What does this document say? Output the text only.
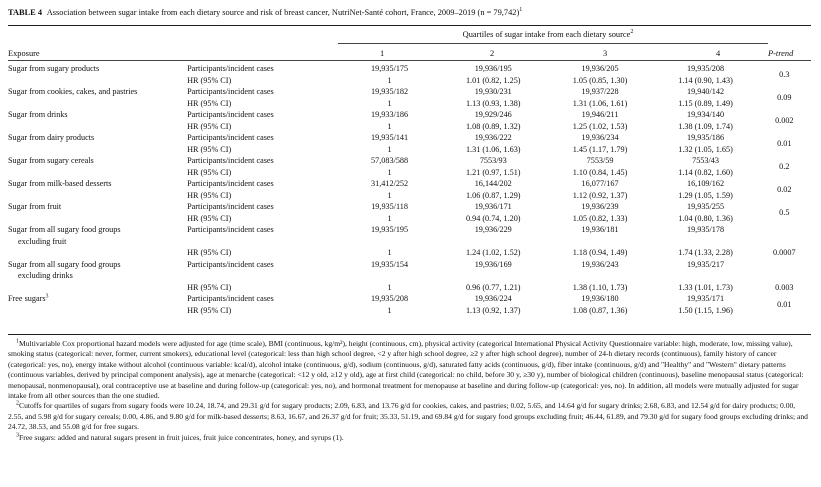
TABLE 4 Association between sugar intake from each dietary source and risk of breast cancer, NutriNet-Santé cohort, France, 2009–2019 (n = 79,742)$^1$
Quartiles of sugar intake from each dietary source$^2$
Exposure	1	2	3	4	P-trend
Sugar from sugary products	Participants/incident cases	19,935/175	19,936/195	19,936/205	19,935/208	0.3
	HR (95% CI)	1	1.01 (0.82, 1.25)	1.05 (0.85, 1.30)	1.14 (0.90, 1.43)	
Sugar from cookies, cakes, and pastries	Participants/incident cases	19,935/182	19,930/231	19,937/228	19,940/142	0.09
	HR (95% CI)	1	1.13 (0.93, 1.38)	1.31 (1.06, 1.61)	1.15 (0.89, 1.49)	
Sugar from drinks	Participants/incident cases	19,933/186	19,929/246	19,946/211	19,934/140	0.002
	HR (95% CI)	1	1.08 (0.89, 1.32)	1.25 (1.02, 1.53)	1.38 (1.09, 1.74)	
Sugar from dairy products	Participants/incident cases	19,935/141	19,936/222	19,936/234	19,935/186	0.01
	HR (95% CI)	1	1.31 (1.06, 1.63)	1.45 (1.17, 1.79)	1.32 (1.05, 1.65)	
Sugar from sugary cereals	Participants/incident cases	57,083/588	7553/93	7553/59	7553/43	0.2
	HR (95% CI)	1	1.21 (0.97, 1.51)	1.10 (0.84, 1.45)	1.14 (0.82, 1.60)	
Sugar from milk-based desserts	Participants/incident cases	31,412/252	16,144/202	16,077/167	16,109/162	0.02
	HR (95% CI)	1	1.06 (0.87, 1.29)	1.12 (0.92, 1.37)	1.29 (1.05, 1.59)	
Sugar from fruit	Participants/incident cases	19,935/118	19,936/171	19,936/239	19,935/255	0.5
	HR (95% CI)	1	0.94 (0.74, 1.20)	1.05 (0.82, 1.33)	1.04 (0.80, 1.36)	
Sugar from all sugary food groups	Participants/incident cases	19,935/195	19,936/229	19,936/181	19,935/178	
excluding fruit						
	HR (95% CI)	1	1.24 (1.02, 1.52)	1.18 (0.94, 1.49)	1.74 (1.33, 2.28)	0.0007
Sugar from all sugary food groups	Participants/incident cases	19,935/154	19,936/169	19,936/243	19,935/217	
excluding drinks						
	HR (95% CI)	1	0.96 (0.77, 1.21)	1.38 (1.10, 1.73)	1.33 (1.01, 1.73)	0.003
Free sugars$^3$	Participants/incident cases	19,935/208	19,936/224	19,936/180	19,935/171	0.01
	HR (95% CI)	1	1.13 (0.92, 1.37)	1.08 (0.87, 1.36)	1.50 (1.15, 1.96)	

$^1$Multivariable Cox proportional hazard models were adjusted for age (time scale), BMI (continuous, kg/m²), height (continuous, cm), physical activity (categorical International Physical Activity Questionnaire variable: high, moderate, low, missing value), smoking status (categorical: never, former, current smokers), educational level (categorical: less than high school degree, <2 y after high school degree, ≥2 y after high school degree), number of 24-h dietary records (continuous), family history of cancer (categorical: yes, no), energy intake without alcohol (continuous variable: kcal/d), alcohol intake (continuous, g/d), sodium (continuous, g/d), saturated fatty acids (continuous, g/d), fiber intake (continuous, g/d) and "Healthy" and "Western" dietary patterns (continuous variables, derived by principal component analysis), age at menarche (categorical: <12 y old, ≥12 y old), age at first child (categorical: no child, before 30 y, ≥30 y), number of biological children (continuous), baseline menopausal status (categorical: menopausal, nonmenopausal), oral contraceptive use at baseline and during follow-up (categorical: yes, no), and hormonal treatment for menopause at baseline and during follow-up (categorical: yes, no). In addition, all models were mutually adjusted for sugar intake from all other sources than the one studied.

$^2$Cutoffs for quartiles of sugars from sugary foods were 10.24, 18.74, and 29.31 g/d for sugary products; 2.09, 6.83, and 13.76 g/d for cookies, cakes, and pastries; 0.02, 5.65, and 14.64 g/d for sugary drinks; 2.68, 6.83, and 12.54 g/d for dairy products; 0.00, 2.55, and 5.98 g/d for sugary cereals; 0.00, 4.86, and 9.80 g/d for milk-based desserts; 8.63, 16.67, and 26.37 g/d for fruit; 35.33, 51.19, and 69.84 g/d for sugary food groups excluding fruit; 46.44, 61.89, and 79.30 g/d for sugary food groups excluding drinks; and 24.72, 38.53, and 55.08 g/d for free sugars.

$^3$Free sugars: added and natural sugars present in fruit juices, fruit juice concentrates, honey, and syrups (1).
